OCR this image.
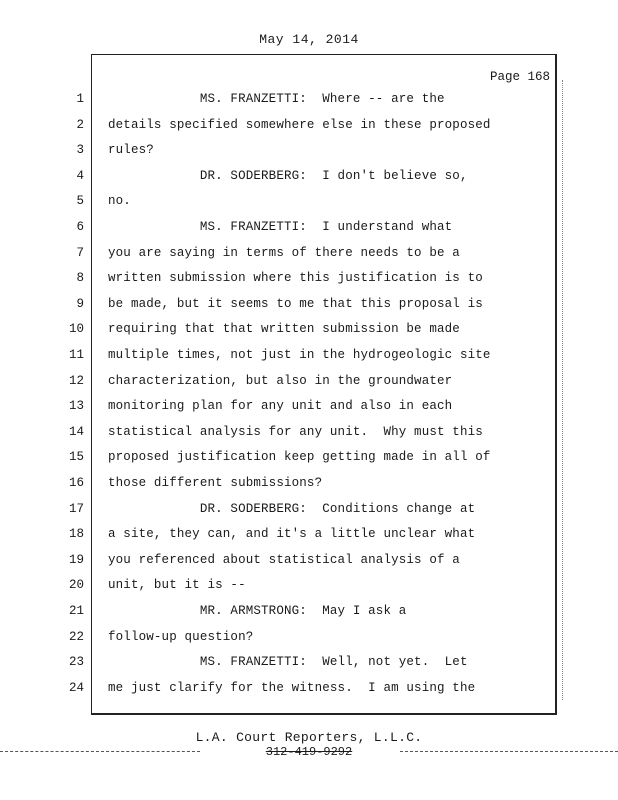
May 14, 2014
Page 168
1 MS. FRANZETTI:  Where -- are the
2 details specified somewhere else in these proposed
3 rules?
4 DR. SODERBERG:  I don't believe so,
5 no.
6 MS. FRANZETTI:  I understand what
7 you are saying in terms of there needs to be a
8 written submission where this justification is to
9 be made, but it seems to me that this proposal is
10 requiring that that written submission be made
11 multiple times, not just in the hydrogeologic site
12 characterization, but also in the groundwater
13 monitoring plan for any unit and also in each
14 statistical analysis for any unit.  Why must this
15 proposed justification keep getting made in all of
16 those different submissions?
17 DR. SODERBERG:  Conditions change at
18 a site, they can, and it's a little unclear what
19 you referenced about statistical analysis of a
20 unit, but it is --
21 MR. ARMSTRONG:  May I ask a
22 follow-up question?
23 MS. FRANZETTI:  Well, not yet.  Let
24 me just clarify for the witness.  I am using the
L.A. Court Reporters, L.L.C.
312-419-9292
